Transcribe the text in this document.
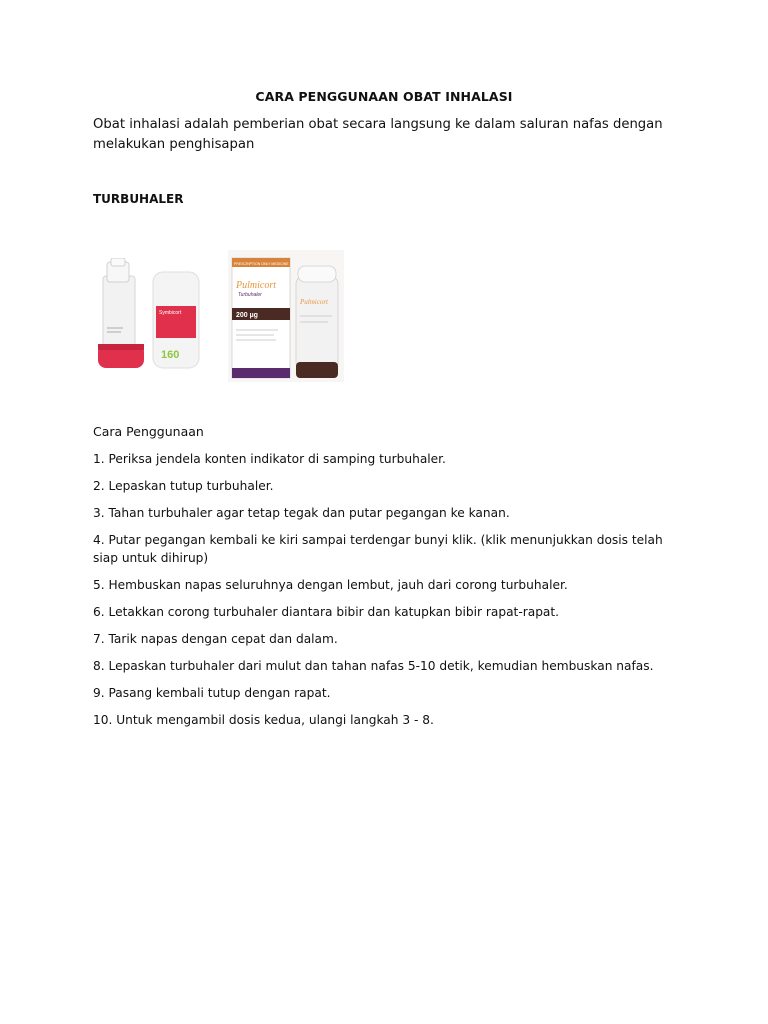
CARA PENGGUNAAN OBAT INHALASI
Obat inhalasi adalah pemberian obat secara langsung ke dalam saluran nafas dengan melakukan penghisapan
TURBUHALER
Symbicort
160
PRESCRIPTION ONLY MEDICINE
Pulmicort
Turbuhaler
200 µg
Pulmicort
Cara Penggunaan
1. Periksa jendela konten indikator di samping turbuhaler.
2. Lepaskan tutup turbuhaler.
3. Tahan turbuhaler agar tetap tegak dan putar pegangan ke kanan.
4. Putar pegangan kembali ke kiri sampai terdengar bunyi klik. (klik menunjukkan dosis telah siap untuk dihirup)
5. Hembuskan napas seluruhnya dengan lembut, jauh dari corong turbuhaler.
6. Letakkan corong turbuhaler diantara bibir dan katupkan bibir rapat-rapat.
7. Tarik napas dengan cepat dan dalam.
8. Lepaskan turbuhaler dari mulut dan tahan nafas 5-10 detik, kemudian hembuskan nafas.
9. Pasang kembali tutup dengan rapat.
10. Untuk mengambil dosis kedua, ulangi langkah 3 - 8.
